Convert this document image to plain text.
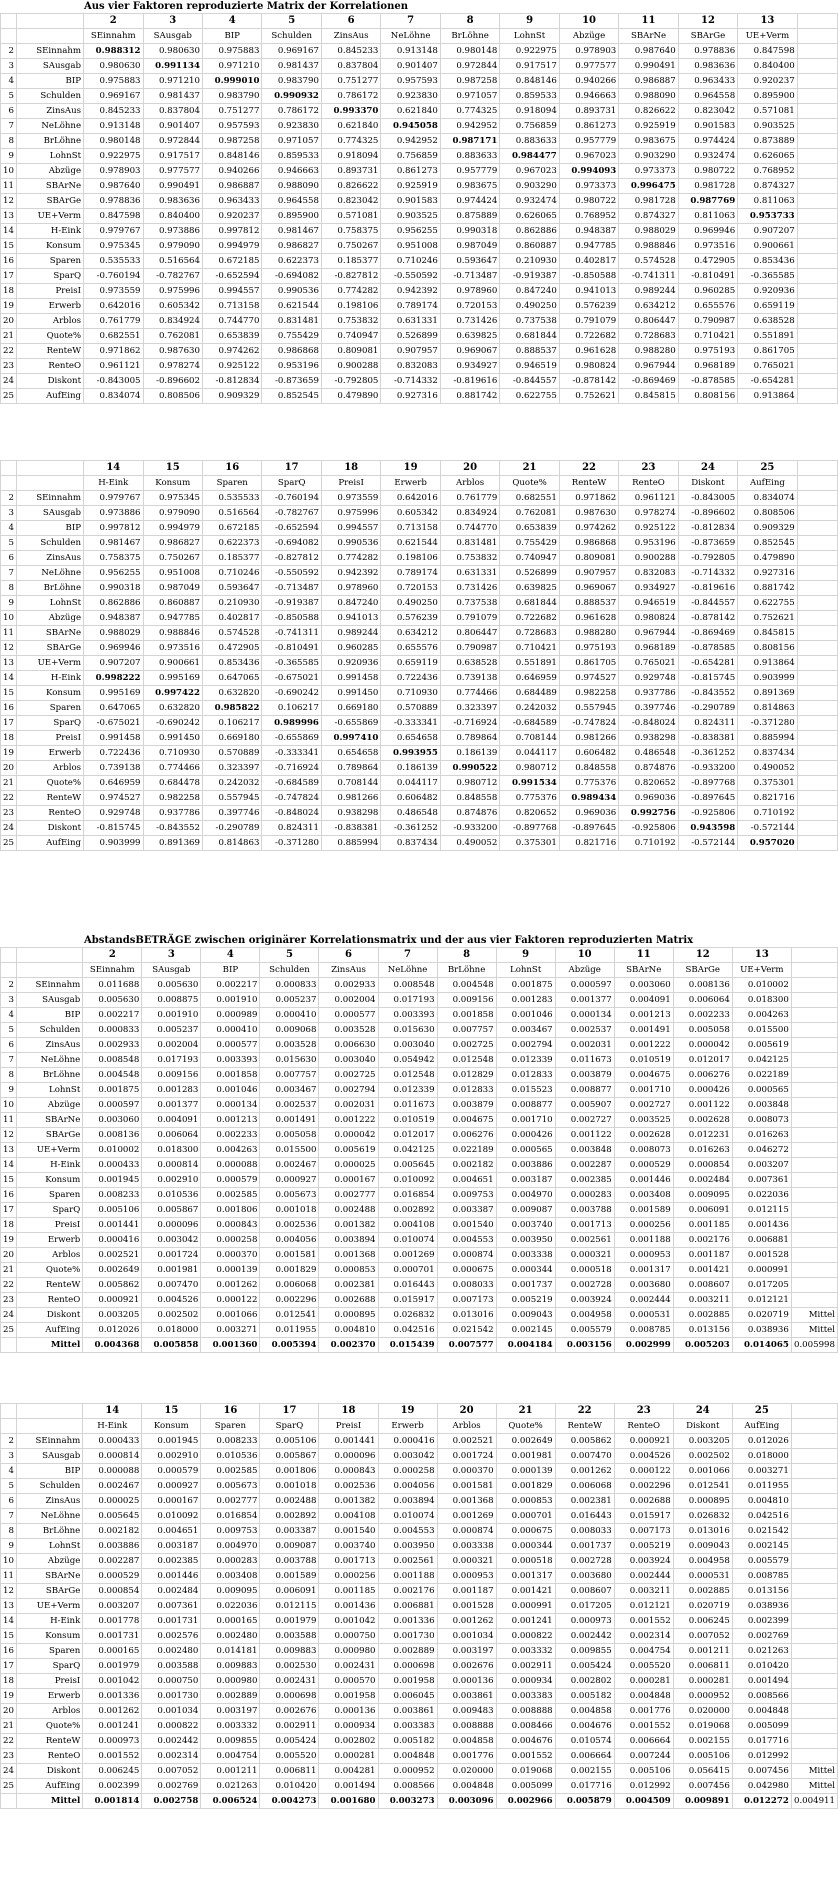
Aus vier Faktoren reproduzierte Matrix der Korrelationen
		2	3	4	5	6	7	8	9	10	11	12	13	
		SEinnahm	SAusgab	BIP	Schulden	ZinsAus	NeLöhne	BrLöhne	LohnSt	Abzüge	SBArNe	SBArGe	UE+Verm	
2	SEinnahm	0.988312	0.980630	0.975883	0.969167	0.845233	0.913148	0.980148	0.922975	0.978903	0.987640	0.978836	0.847598	
3	SAusgab	0.980630	0.991134	0.971210	0.981437	0.837804	0.901407	0.972844	0.917517	0.977577	0.990491	0.983636	0.840400	
4	BIP	0.975883	0.971210	0.999010	0.983790	0.751277	0.957593	0.987258	0.848146	0.940266	0.986887	0.963433	0.920237	
5	Schulden	0.969167	0.981437	0.983790	0.990932	0.786172	0.923830	0.971057	0.859533	0.946663	0.988090	0.964558	0.895900	
6	ZinsAus	0.845233	0.837804	0.751277	0.786172	0.993370	0.621840	0.774325	0.918094	0.893731	0.826622	0.823042	0.571081	
7	NeLöhne	0.913148	0.901407	0.957593	0.923830	0.621840	0.945058	0.942952	0.756859	0.861273	0.925919	0.901583	0.903525	
8	BrLöhne	0.980148	0.972844	0.987258	0.971057	0.774325	0.942952	0.987171	0.883633	0.957779	0.983675	0.974424	0.873889	
9	LohnSt	0.922975	0.917517	0.848146	0.859533	0.918094	0.756859	0.883633	0.984477	0.967023	0.903290	0.932474	0.626065	
10	Abzüge	0.978903	0.977577	0.940266	0.946663	0.893731	0.861273	0.957779	0.967023	0.994093	0.973373	0.980722	0.768952	
11	SBArNe	0.987640	0.990491	0.986887	0.988090	0.826622	0.925919	0.983675	0.903290	0.973373	0.996475	0.981728	0.874327	
12	SBArGe	0.978836	0.983636	0.963433	0.964558	0.823042	0.901583	0.974424	0.932474	0.980722	0.981728	0.987769	0.811063	
13	UE+Verm	0.847598	0.840400	0.920237	0.895900	0.571081	0.903525	0.875889	0.626065	0.768952	0.874327	0.811063	0.953733	
14	H-Eink	0.979767	0.973886	0.997812	0.981467	0.758375	0.956255	0.990318	0.862886	0.948387	0.988029	0.969946	0.907207	
15	Konsum	0.975345	0.979090	0.994979	0.986827	0.750267	0.951008	0.987049	0.860887	0.947785	0.988846	0.973516	0.900661	
16	Sparen	0.535533	0.516564	0.672185	0.622373	0.185377	0.710246	0.593647	0.210930	0.402817	0.574528	0.472905	0.853436	
17	SparQ	-0.760194	-0.782767	-0.652594	-0.694082	-0.827812	-0.550592	-0.713487	-0.919387	-0.850588	-0.741311	-0.810491	-0.365585	
18	PreisI	0.973559	0.975996	0.994557	0.990536	0.774282	0.942392	0.978960	0.847240	0.941013	0.989244	0.960285	0.920936	
19	Erwerb	0.642016	0.605342	0.713158	0.621544	0.198106	0.789174	0.720153	0.490250	0.576239	0.634212	0.655576	0.659119	
20	Arblos	0.761779	0.834924	0.744770	0.831481	0.753832	0.631331	0.731426	0.737538	0.791079	0.806447	0.790987	0.638528	
21	Quote%	0.682551	0.762081	0.653839	0.755429	0.740947	0.526899	0.639825	0.681844	0.722682	0.728683	0.710421	0.551891	
22	RenteW	0.971862	0.987630	0.974262	0.986868	0.809081	0.907957	0.969067	0.888537	0.961628	0.988280	0.975193	0.861705	
23	RenteO	0.961121	0.978274	0.925122	0.953196	0.900288	0.832083	0.934927	0.946519	0.980824	0.967944	0.968189	0.765021	
24	Diskont	-0.843005	-0.896602	-0.812834	-0.873659	-0.792805	-0.714332	-0.819616	-0.844557	-0.878142	-0.869469	-0.878585	-0.654281	
25	AufEing	0.834074	0.808506	0.909329	0.852545	0.479890	0.927316	0.881742	0.622755	0.752621	0.845815	0.808156	0.913864	
		14	15	16	17	18	19	20	21	22	23	24	25	
		H-Eink	Konsum	Sparen	SparQ	PreisI	Erwerb	Arblos	Quote%	RenteW	RenteO	Diskont	AufEing	
2	SEinnahm	0.979767	0.975345	0.535533	-0.760194	0.973559	0.642016	0.761779	0.682551	0.971862	0.961121	-0.843005	0.834074	
3	SAusgab	0.973886	0.979090	0.516564	-0.782767	0.975996	0.605342	0.834924	0.762081	0.987630	0.978274	-0.896602	0.808506	
4	BIP	0.997812	0.994979	0.672185	-0.652594	0.994557	0.713158	0.744770	0.653839	0.974262	0.925122	-0.812834	0.909329	
5	Schulden	0.981467	0.986827	0.622373	-0.694082	0.990536	0.621544	0.831481	0.755429	0.986868	0.953196	-0.873659	0.852545	
6	ZinsAus	0.758375	0.750267	0.185377	-0.827812	0.774282	0.198106	0.753832	0.740947	0.809081	0.900288	-0.792805	0.479890	
7	NeLöhne	0.956255	0.951008	0.710246	-0.550592	0.942392	0.789174	0.631331	0.526899	0.907957	0.832083	-0.714332	0.927316	
8	BrLöhne	0.990318	0.987049	0.593647	-0.713487	0.978960	0.720153	0.731426	0.639825	0.969067	0.934927	-0.819616	0.881742	
9	LohnSt	0.862886	0.860887	0.210930	-0.919387	0.847240	0.490250	0.737538	0.681844	0.888537	0.946519	-0.844557	0.622755	
10	Abzüge	0.948387	0.947785	0.402817	-0.850588	0.941013	0.576239	0.791079	0.722682	0.961628	0.980824	-0.878142	0.752621	
11	SBArNe	0.988029	0.988846	0.574528	-0.741311	0.989244	0.634212	0.806447	0.728683	0.988280	0.967944	-0.869469	0.845815	
12	SBArGe	0.969946	0.973516	0.472905	-0.810491	0.960285	0.655576	0.790987	0.710421	0.975193	0.968189	-0.878585	0.808156	
13	UE+Verm	0.907207	0.900661	0.853436	-0.365585	0.920936	0.659119	0.638528	0.551891	0.861705	0.765021	-0.654281	0.913864	
14	H-Eink	0.998222	0.995169	0.647065	-0.675021	0.991458	0.722436	0.739138	0.646959	0.974527	0.929748	-0.815745	0.903999	
15	Konsum	0.995169	0.997422	0.632820	-0.690242	0.991450	0.710930	0.774466	0.684489	0.982258	0.937786	-0.843552	0.891369	
16	Sparen	0.647065	0.632820	0.985822	0.106217	0.669180	0.570889	0.323397	0.242032	0.557945	0.397746	-0.290789	0.814863	
17	SparQ	-0.675021	-0.690242	0.106217	0.989996	-0.655869	-0.333341	-0.716924	-0.684589	-0.747824	-0.848024	0.824311	-0.371280	
18	PreisI	0.991458	0.991450	0.669180	-0.655869	0.997410	0.654658	0.789864	0.708144	0.981266	0.938298	-0.838381	0.885994	
19	Erwerb	0.722436	0.710930	0.570889	-0.333341	0.654658	0.993955	0.186139	0.044117	0.606482	0.486548	-0.361252	0.837434	
20	Arblos	0.739138	0.774466	0.323397	-0.716924	0.789864	0.186139	0.990522	0.980712	0.848558	0.874876	-0.933200	0.490052	
21	Quote%	0.646959	0.684478	0.242032	-0.684589	0.708144	0.044117	0.980712	0.991534	0.775376	0.820652	-0.897768	0.375301	
22	RenteW	0.974527	0.982258	0.557945	-0.747824	0.981266	0.606482	0.848558	0.775376	0.989434	0.969036	-0.897645	0.821716	
23	RenteO	0.929748	0.937786	0.397746	-0.848024	0.938298	0.486548	0.874876	0.820652	0.969036	0.992756	-0.925806	0.710192	
24	Diskont	-0.815745	-0.843552	-0.290789	0.824311	-0.838381	-0.361252	-0.933200	-0.897768	-0.897645	-0.925806	0.943598	-0.572144	
25	AufEing	0.903999	0.891369	0.814863	-0.371280	0.885994	0.837434	0.490052	0.375301	0.821716	0.710192	-0.572144	0.957020	
AbstandsBETRÄGE zwischen originärer Korrelationsmatrix und der aus vier Faktoren reproduzierten Matrix
		2	3	4	5	6	7	8	9	10	11	12	13	
		SEinnahm	SAusgab	BIP	Schulden	ZinsAus	NeLöhne	BrLöhne	LohnSt	Abzüge	SBArNe	SBArGe	UE+Verm	
2	SEinnahm	0.011688	0.005630	0.002217	0.000833	0.002933	0.008548	0.004548	0.001875	0.000597	0.003060	0.008136	0.010002	
3	SAusgab	0.005630	0.008875	0.001910	0.005237	0.002004	0.017193	0.009156	0.001283	0.001377	0.004091	0.006064	0.018300	
4	BIP	0.002217	0.001910	0.000989	0.000410	0.000577	0.003393	0.001858	0.001046	0.000134	0.001213	0.002233	0.004263	
5	Schulden	0.000833	0.005237	0.000410	0.009068	0.003528	0.015630	0.007757	0.003467	0.002537	0.001491	0.005058	0.015500	
6	ZinsAus	0.002933	0.002004	0.000577	0.003528	0.006630	0.003040	0.002725	0.002794	0.002031	0.001222	0.000042	0.005619	
7	NeLöhne	0.008548	0.017193	0.003393	0.015630	0.003040	0.054942	0.012548	0.012339	0.011673	0.010519	0.012017	0.042125	
8	BrLöhne	0.004548	0.009156	0.001858	0.007757	0.002725	0.012548	0.012829	0.012833	0.003879	0.004675	0.006276	0.022189	
9	LohnSt	0.001875	0.001283	0.001046	0.003467	0.002794	0.012339	0.012833	0.015523	0.008877	0.001710	0.000426	0.000565	
10	Abzüge	0.000597	0.001377	0.000134	0.002537	0.002031	0.011673	0.003879	0.008877	0.005907	0.002727	0.001122	0.003848	
11	SBArNe	0.003060	0.004091	0.001213	0.001491	0.001222	0.010519	0.004675	0.001710	0.002727	0.003525	0.002628	0.008073	
12	SBArGe	0.008136	0.006064	0.002233	0.005058	0.000042	0.012017	0.006276	0.000426	0.001122	0.002628	0.012231	0.016263	
13	UE+Verm	0.010002	0.018300	0.004263	0.015500	0.005619	0.042125	0.022189	0.000565	0.003848	0.008073	0.016263	0.046272	
14	H-Eink	0.000433	0.000814	0.000088	0.002467	0.000025	0.005645	0.002182	0.003886	0.002287	0.000529	0.000854	0.003207	
15	Konsum	0.001945	0.002910	0.000579	0.000927	0.000167	0.010092	0.004651	0.003187	0.002385	0.001446	0.002484	0.007361	
16	Sparen	0.008233	0.010536	0.002585	0.005673	0.002777	0.016854	0.009753	0.004970	0.000283	0.003408	0.009095	0.022036	
17	SparQ	0.005106	0.005867	0.001806	0.001018	0.002488	0.002892	0.003387	0.009087	0.003788	0.001589	0.006091	0.012115	
18	PreisI	0.001441	0.000096	0.000843	0.002536	0.001382	0.004108	0.001540	0.003740	0.001713	0.000256	0.001185	0.001436	
19	Erwerb	0.000416	0.003042	0.000258	0.004056	0.003894	0.010074	0.004553	0.003950	0.002561	0.001188	0.002176	0.006881	
20	Arblos	0.002521	0.001724	0.000370	0.001581	0.001368	0.001269	0.000874	0.003338	0.000321	0.000953	0.001187	0.001528	
21	Quote%	0.002649	0.001981	0.000139	0.001829	0.000853	0.000701	0.000675	0.000344	0.000518	0.001317	0.001421	0.000991	
22	RenteW	0.005862	0.007470	0.001262	0.006068	0.002381	0.016443	0.008033	0.001737	0.002728	0.003680	0.008607	0.017205	
23	RenteO	0.000921	0.004526	0.000122	0.002296	0.002688	0.015917	0.007173	0.005219	0.003924	0.002444	0.003211	0.012121	
24	Diskont	0.003205	0.002502	0.001066	0.012541	0.000895	0.026832	0.013016	0.009043	0.004958	0.000531	0.002885	0.020719	Mittel
25	AufEing	0.012026	0.018000	0.003271	0.011955	0.004810	0.042516	0.021542	0.002145	0.005579	0.008785	0.013156	0.038936	Mittel
	Mittel	0.004368	0.005858	0.001360	0.005394	0.002370	0.015439	0.007577	0.004184	0.003156	0.002999	0.005203	0.014065	0.005998
		14	15	16	17	18	19	20	21	22	23	24	25	
		H-Eink	Konsum	Sparen	SparQ	PreisI	Erwerb	Arblos	Quote%	RenteW	RenteO	Diskont	AufEing	
2	SEinnahm	0.000433	0.001945	0.008233	0.005106	0.001441	0.000416	0.002521	0.002649	0.005862	0.000921	0.003205	0.012026	
3	SAusgab	0.000814	0.002910	0.010536	0.005867	0.000096	0.003042	0.001724	0.001981	0.007470	0.004526	0.002502	0.018000	
4	BIP	0.000088	0.000579	0.002585	0.001806	0.000843	0.000258	0.000370	0.000139	0.001262	0.000122	0.001066	0.003271	
5	Schulden	0.002467	0.000927	0.005673	0.001018	0.002536	0.004056	0.001581	0.001829	0.006068	0.002296	0.012541	0.011955	
6	ZinsAus	0.000025	0.000167	0.002777	0.002488	0.001382	0.003894	0.001368	0.000853	0.002381	0.002688	0.000895	0.004810	
7	NeLöhne	0.005645	0.010092	0.016854	0.002892	0.004108	0.010074	0.001269	0.000701	0.016443	0.015917	0.026832	0.042516	
8	BrLöhne	0.002182	0.004651	0.009753	0.003387	0.001540	0.004553	0.000874	0.000675	0.008033	0.007173	0.013016	0.021542	
9	LohnSt	0.003886	0.003187	0.004970	0.009087	0.003740	0.003950	0.003338	0.000344	0.001737	0.005219	0.009043	0.002145	
10	Abzüge	0.002287	0.002385	0.000283	0.003788	0.001713	0.002561	0.000321	0.000518	0.002728	0.003924	0.004958	0.005579	
11	SBArNe	0.000529	0.001446	0.003408	0.001589	0.000256	0.001188	0.000953	0.001317	0.003680	0.002444	0.000531	0.008785	
12	SBArGe	0.000854	0.002484	0.009095	0.006091	0.001185	0.002176	0.001187	0.001421	0.008607	0.003211	0.002885	0.013156	
13	UE+Verm	0.003207	0.007361	0.022036	0.012115	0.001436	0.006881	0.001528	0.000991	0.017205	0.012121	0.020719	0.038936	
14	H-Eink	0.001778	0.001731	0.000165	0.001979	0.001042	0.001336	0.001262	0.001241	0.000973	0.001552	0.006245	0.002399	
15	Konsum	0.001731	0.002576	0.002480	0.003588	0.000750	0.001730	0.001034	0.000822	0.002442	0.002314	0.007052	0.002769	
16	Sparen	0.000165	0.002480	0.014181	0.009883	0.000980	0.002889	0.003197	0.003332	0.009855	0.004754	0.001211	0.021263	
17	SparQ	0.001979	0.003588	0.009883	0.002530	0.002431	0.000698	0.002676	0.002911	0.005424	0.005520	0.006811	0.010420	
18	PreisI	0.001042	0.000750	0.000980	0.002431	0.000570	0.001958	0.000136	0.000934	0.002802	0.000281	0.000281	0.001494	
19	Erwerb	0.001336	0.001730	0.002889	0.000698	0.001958	0.006045	0.003861	0.003383	0.005182	0.004848	0.000952	0.008566	
20	Arblos	0.001262	0.001034	0.003197	0.002676	0.000136	0.003861	0.009483	0.008888	0.004858	0.001776	0.020000	0.004848	
21	Quote%	0.001241	0.000822	0.003332	0.002911	0.000934	0.003383	0.008888	0.008466	0.004676	0.001552	0.019068	0.005099	
22	RenteW	0.000973	0.002442	0.009855	0.005424	0.002802	0.005182	0.004858	0.004676	0.010574	0.006664	0.002155	0.017716	
23	RenteO	0.001552	0.002314	0.004754	0.005520	0.000281	0.004848	0.001776	0.001552	0.006664	0.007244	0.005106	0.012992	
24	Diskont	0.006245	0.007052	0.001211	0.006811	0.004281	0.000952	0.020000	0.019068	0.002155	0.005106	0.056415	0.007456	Mittel
25	AufEing	0.002399	0.002769	0.021263	0.010420	0.001494	0.008566	0.004848	0.005099	0.017716	0.012992	0.007456	0.042980	Mittel
	Mittel	0.001814	0.002758	0.006524	0.004273	0.001680	0.003273	0.003096	0.002966	0.005879	0.004509	0.009891	0.012272	0.004911
